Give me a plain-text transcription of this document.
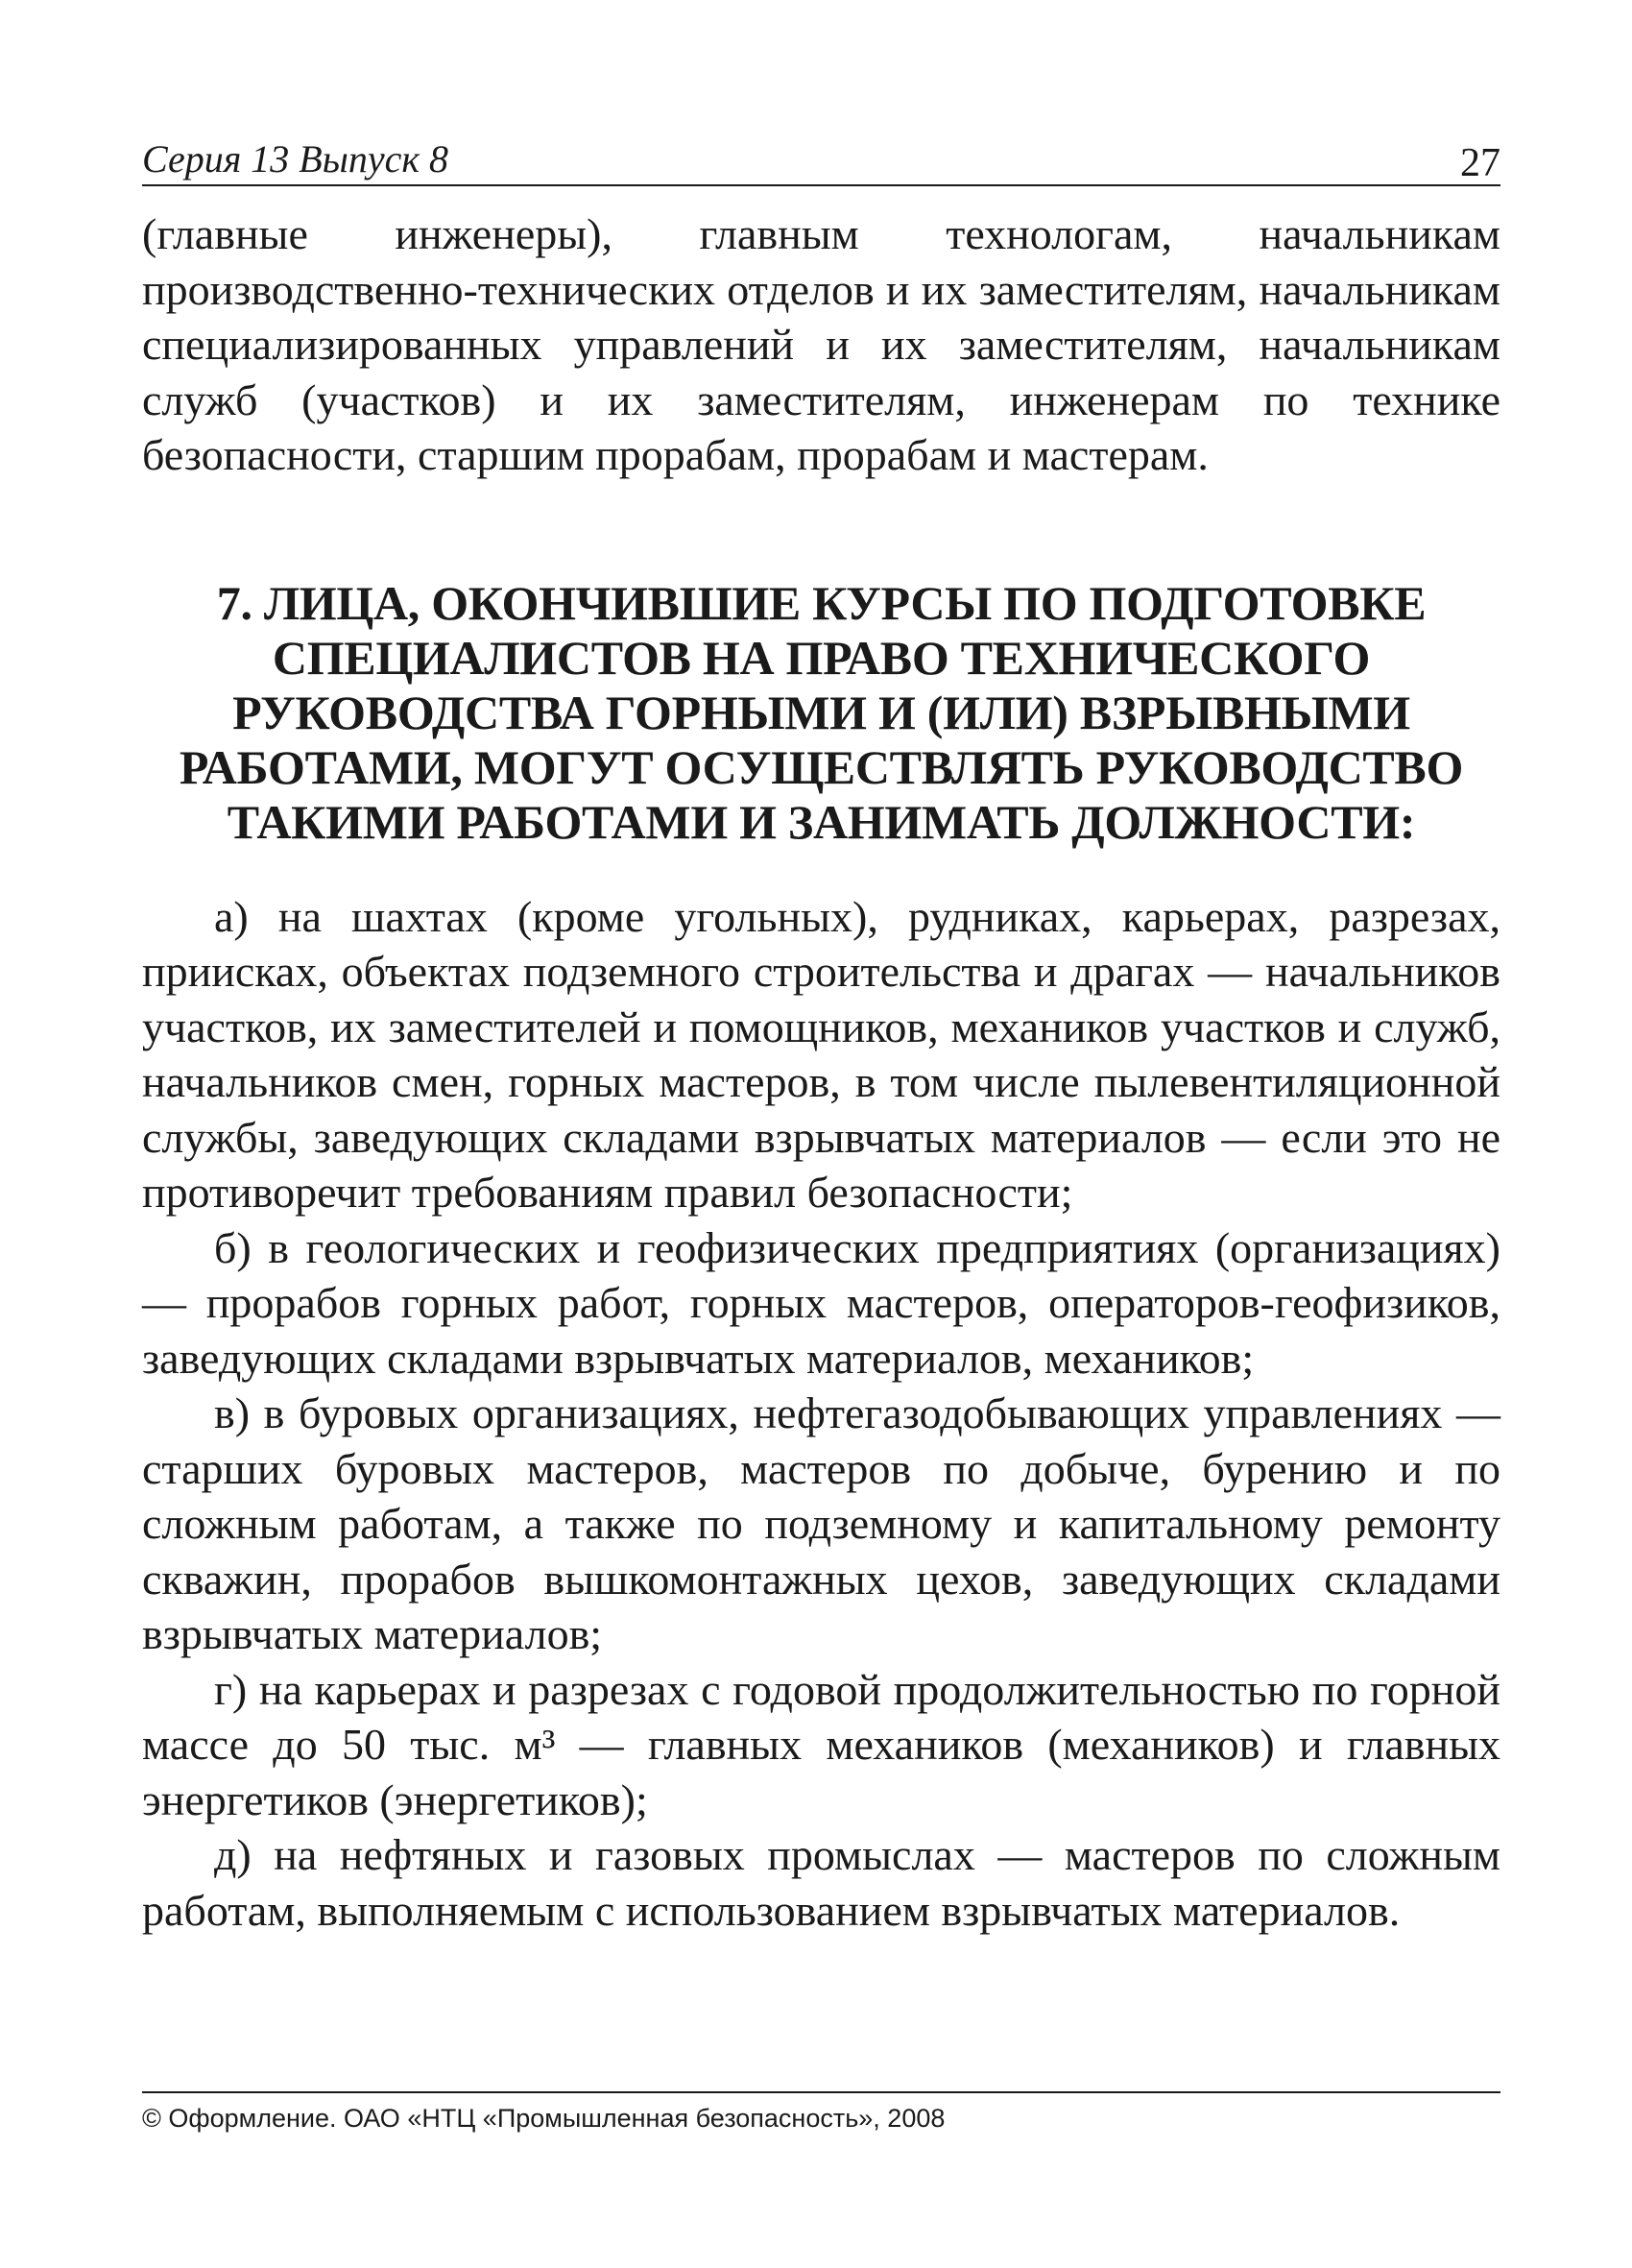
Серия 13 Выпуск 8	27

(главные инженеры), главным технологам, начальникам производственно-технических отделов и их заместителям, начальникам специализированных управлений и их заместителям, начальникам служб (участков) и их заместителям, инженерам по технике безопасности, старшим прорабам, прорабам и мастерам.

7. ЛИЦА, ОКОНЧИВШИЕ КУРСЫ ПО ПОДГОТОВКЕ
СПЕЦИАЛИСТОВ НА ПРАВО ТЕХНИЧЕСКОГО
РУКОВОДСТВА ГОРНЫМИ И (ИЛИ) ВЗРЫВНЫМИ
РАБОТАМИ, МОГУТ ОСУЩЕСТВЛЯТЬ РУКОВОДСТВО
ТАКИМИ РАБОТАМИ И ЗАНИМАТЬ ДОЛЖНОСТИ:

а) на шахтах (кроме угольных), рудниках, карьерах, разрезах, приисках, объектах подземного строительства и драгах — начальников участков, их заместителей и помощников, механиков участков и служб, начальников смен, горных мастеров, в том числе пылевентиляционной службы, заведующих складами взрывчатых материалов — если это не противоречит требованиям правил безопасности;

б) в геологических и геофизических предприятиях (организациях) — прорабов горных работ, горных мастеров, операторов-геофизиков, заведующих складами взрывчатых материалов, механиков;

в) в буровых организациях, нефтегазодобывающих управлениях — старших буровых мастеров, мастеров по добыче, бурению и по сложным работам, а также по подземному и капитальному ремонту скважин, прорабов вышкомонтажных цехов, заведующих складами взрывчатых материалов;

г) на карьерах и разрезах с годовой продолжительностью по горной массе до 50 тыс. м³ — главных механиков (механиков) и главных энергетиков (энергетиков);

д) на нефтяных и газовых промыслах — мастеров по сложным работам, выполняемым с использованием взрывчатых материалов.

© Оформление. ОАО «НТЦ «Промышленная безопасность», 2008
